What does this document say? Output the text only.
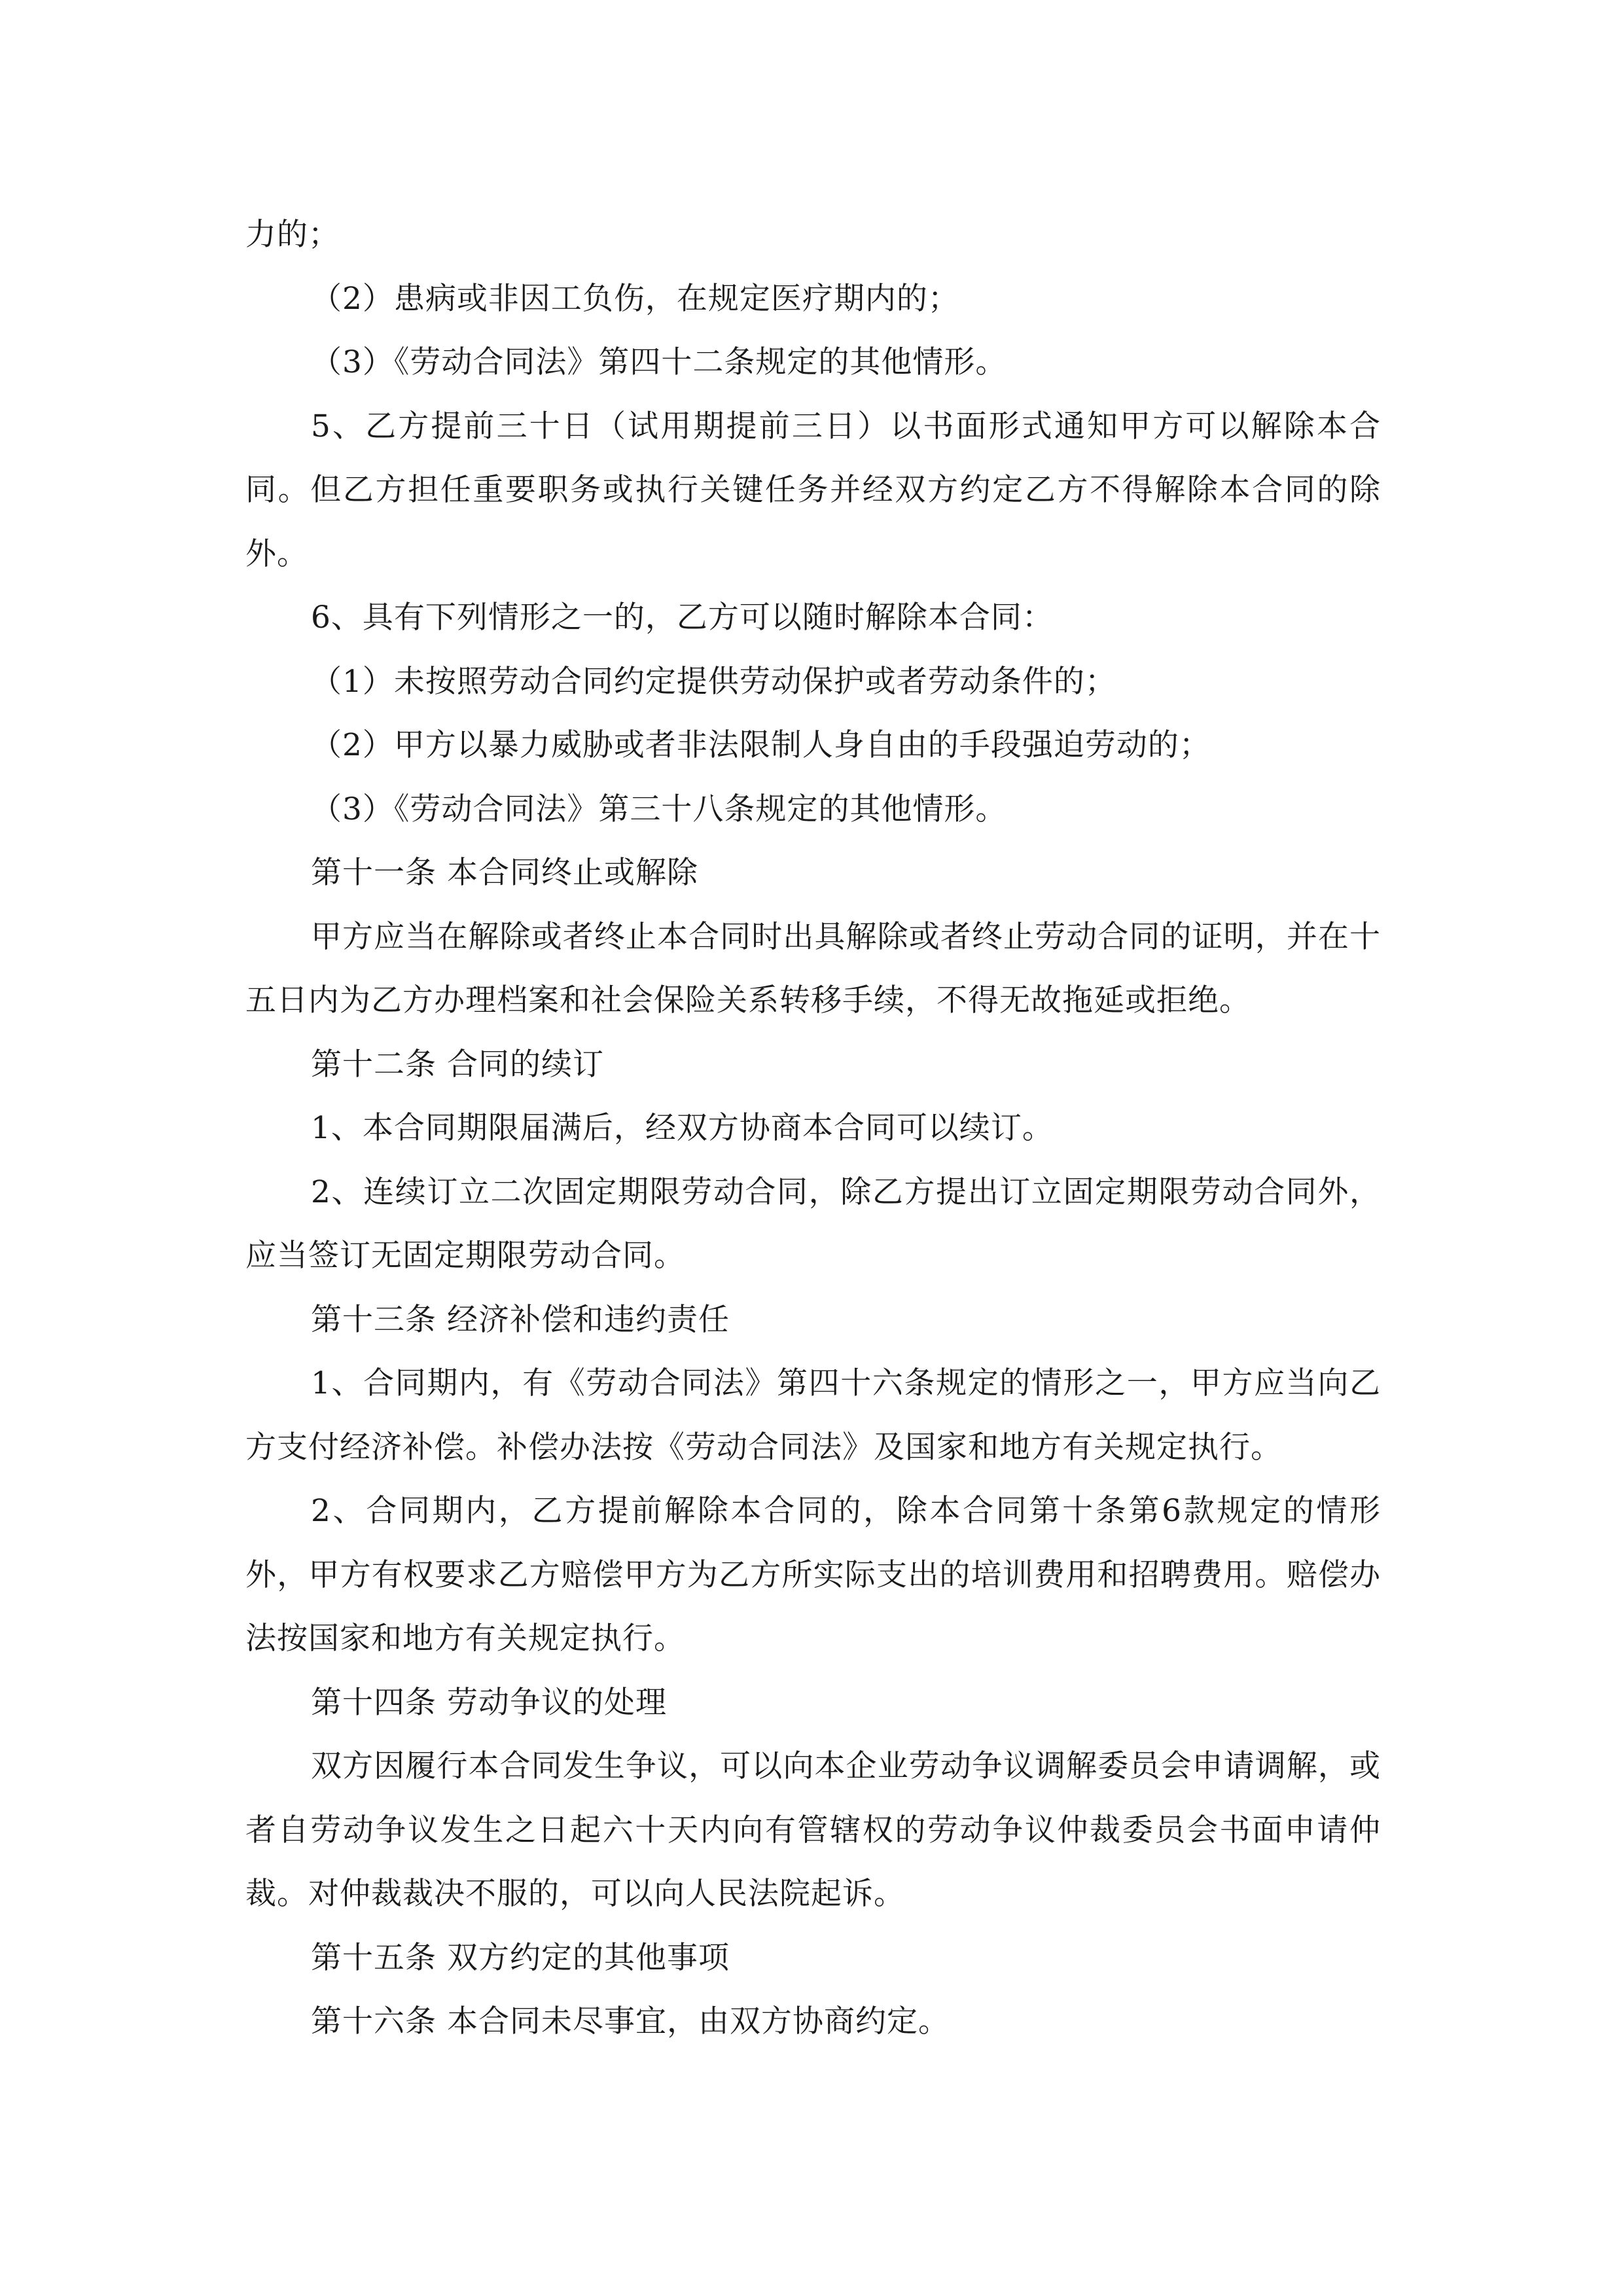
力的；

（2）患病或非因工负伤，在规定医疗期内的；

（3）《劳动合同法》第四十二条规定的其他情形。

5、乙方提前三十日（试用期提前三日）以书面形式通知甲方可以解除本合同。但乙方担任重要职务或执行关键任务并经双方约定乙方不得解除本合同的除外。

6、具有下列情形之一的，乙方可以随时解除本合同：

（1）未按照劳动合同约定提供劳动保护或者劳动条件的；

（2）甲方以暴力威胁或者非法限制人身自由的手段强迫劳动的；

（3）《劳动合同法》第三十八条规定的其他情形。

第十一条 本合同终止或解除

甲方应当在解除或者终止本合同时出具解除或者终止劳动合同的证明，并在十五日内为乙方办理档案和社会保险关系转移手续，不得无故拖延或拒绝。

第十二条 合同的续订

1、本合同期限届满后，经双方协商本合同可以续订。

2、连续订立二次固定期限劳动合同，除乙方提出订立固定期限劳动合同外，应当签订无固定期限劳动合同。

第十三条 经济补偿和违约责任

1、合同期内，有《劳动合同法》第四十六条规定的情形之一，甲方应当向乙方支付经济补偿。补偿办法按《劳动合同法》及国家和地方有关规定执行。

2、合同期内，乙方提前解除本合同的，除本合同第十条第6款规定的情形外，甲方有权要求乙方赔偿甲方为乙方所实际支出的培训费用和招聘费用。赔偿办法按国家和地方有关规定执行。

第十四条 劳动争议的处理

双方因履行本合同发生争议，可以向本企业劳动争议调解委员会申请调解，或者自劳动争议发生之日起六十天内向有管辖权的劳动争议仲裁委员会书面申请仲裁。对仲裁裁决不服的，可以向人民法院起诉。

第十五条 双方约定的其他事项

第十六条 本合同未尽事宜，由双方协商约定。
